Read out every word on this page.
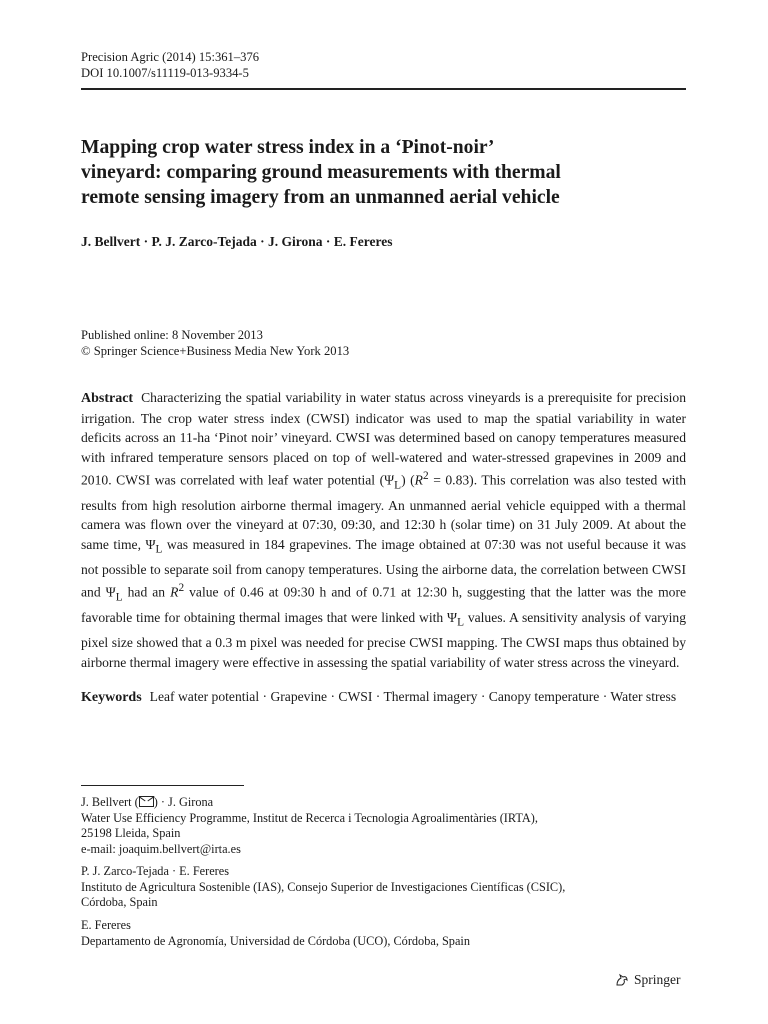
Precision Agric (2014) 15:361–376
DOI 10.1007/s11119-013-9334-5
Mapping crop water stress index in a ‘Pinot-noir’
vineyard: comparing ground measurements with thermal
remote sensing imagery from an unmanned aerial vehicle
J. Bellvert · P. J. Zarco-Tejada · J. Girona · E. Fereres
Published online: 8 November 2013
© Springer Science+Business Media New York 2013
Abstract Characterizing the spatial variability in water status across vineyards is a prerequisite for precision irrigation. The crop water stress index (CWSI) indicator was used to map the spatial variability in water deficits across an 11-ha ‘Pinot noir’ vineyard. CWSI was determined based on canopy temperatures measured with infrared temperature sensors placed on top of well-watered and water-stressed grapevines in 2009 and 2010. CWSI was correlated with leaf water potential $(\Psi_L) (R^2 = 0.83)$. This correlation was also tested with results from high resolution airborne thermal imagery. An unmanned aerial vehicle equipped with a thermal camera was flown over the vineyard at 07:30, 09:30, and 12:30 h (solar time) on 31 July 2009. At about the same time, $\Psi_L$ was measured in 184 grapevines. The image obtained at 07:30 was not useful because it was not possible to separate soil from canopy temperatures. Using the airborne data, the correlation between CWSI and $\Psi_L$ had an $R^2$ value of 0.46 at 09:30 h and of 0.71 at 12:30 h, suggesting that the latter was the more favorable time for obtaining thermal images that were linked with $\Psi_L$ values. A sensitivity analysis of varying pixel size showed that a 0.3 m pixel was needed for precise CWSI mapping. The CWSI maps thus obtained by airborne thermal imagery were effective in assessing the spatial variability of water stress across the vineyard.
Keywords Leaf water potential · Grapevine · CWSI · Thermal imagery · Canopy temperature · Water stress
J. Bellvert ( ) · J. Girona
Water Use Efficiency Programme, Institut de Recerca i Tecnologia Agroalimentàries (IRTA),
25198 Lleida, Spain
e-mail: joaquim.bellvert@irta.es
P. J. Zarco-Tejada · E. Fereres
Instituto de Agricultura Sostenible (IAS), Consejo Superior de Investigaciones Científicas (CSIC),
Córdoba, Spain
E. Fereres
Departamento de Agronomía, Universidad de Córdoba (UCO), Córdoba, Spain
Springer
